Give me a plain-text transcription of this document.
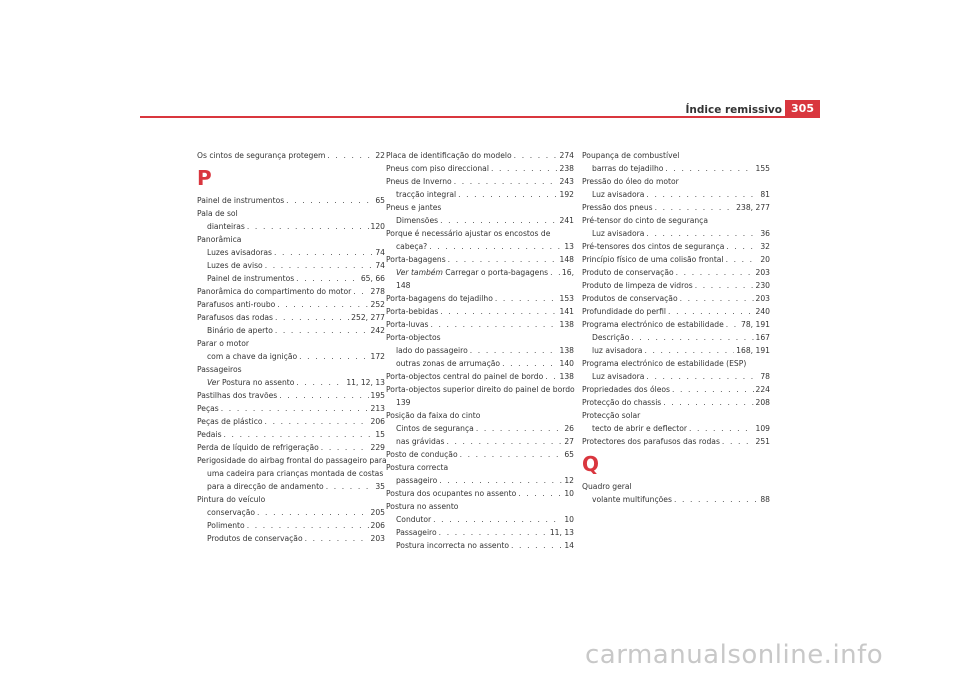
Índice remissivo 305
Os cintos de segurança protegem . . .	22
P
Painel de instrumentos . . .	65
Pala de sol
dianteiras . . .	120
Panorâmica
Luzes avisadoras . . .	74
Luzes de aviso . . .	74
Painel de instrumentos . . .	65, 66
Panorâmica do compartimento do motor . . .	278
Parafusos anti-roubo . . .	252
Parafusos das rodas . . .	252, 277
Binário de aperto . . .	242
Parar o motor
com a chave da ignição . . .	172
Passageiros
Ver Postura no assento . . .	11, 12, 13
Pastilhas dos travões . . .	195
Peças . . .	213
Peças de plástico . . .	206
Pedais . . .	15
Perda de líquido de refrigeração . . .	229
Perigosidade do airbag frontal do passageiro para
uma cadeira para crianças montada de costas
para a direcção de andamento . . .	35
Pintura do veículo
conservação . . .	205
Polimento . . .	206
Produtos de conservação . . .	203
Placa de identificação do modelo . . .	274
Pneus com piso direccional . . .	238
Pneus de Inverno . . .	243
tracção integral . . .	192
Pneus e jantes
Dimensões . . .	241
Porque é necessário ajustar os encostos de
cabeça? . . .	13
Porta-bagagens . . .	148
Ver também Carregar o porta-bagagens . . . 16,
148
Porta-bagagens do tejadilho . . .	153
Porta-bebidas . . .	141
Porta-luvas . . .	138
Porta-objectos
lado do passageiro . . .	138
outras zonas de arrumação . . .	140
Porta-objectos central do painel de bordo . . . 138
Porta-objectos superior direito do painel de bordo
139
Posição da faixa do cinto
Cintos de segurança . . .	26
nas grávidas . . .	27
Posto de condução . . .	65
Postura correcta
passageiro . . .	12
Postura dos ocupantes no assento . . .	10
Postura no assento
Condutor . . .	10
Passageiro . . .	11, 13
Postura incorrecta no assento . . .	14
Poupança de combustível
barras do tejadilho . . .	155
Pressão do óleo do motor
Luz avisadora . . .	81
Pressão dos pneus . . .	238, 277
Pré-tensor do cinto de segurança
Luz avisadora . . .	36
Pré-tensores dos cintos de segurança . . .	32
Princípio físico de uma colisão frontal . . .	20
Produto de conservação . . .	203
Produto de limpeza de vidros . . .	230
Produtos de conservação . . .	203
Profundidade do perfil . . .	240
Programa electrónico de estabilidade . . . 78, 191
Descrição . . .	167
luz avisadora . . .	168, 191
Programa electrónico de estabilidade (ESP)
Luz avisadora . . .	78
Propriedades dos óleos . . .	224
Protecção do chassis . . .	208
Protecção solar
tecto de abrir e deflector . . .	109
Protectores dos parafusos das rodas . . .	251
Q
Quadro geral
volante multifunções . . .	88
carmanualsonline.info
